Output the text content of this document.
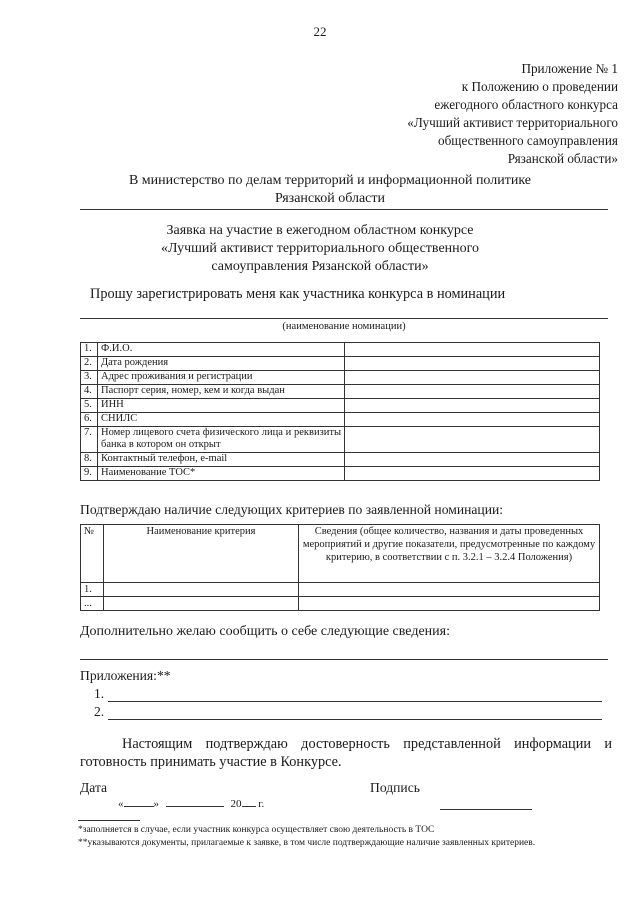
22
Приложение № 1
к Положению о проведении
ежегодного областного конкурса
«Лучший активист территориального
общественного самоуправления
Рязанской области»
В министерство по делам территорий и информационной политике
Рязанской области
Заявка на участие в ежегодном областном конкурсе
«Лучший активист территориального общественного
самоуправления Рязанской области»
Прошу зарегистрировать меня как участника конкурса в номинации
(наименование номинации)
1.	Ф.И.О.	
2.	Дата рождения	
3.	Адрес проживания и регистрации	
4.	Паспорт серия, номер, кем и когда выдан	
5.	ИНН	
6.	СНИЛС	
7.	Номер лицевого счета физического лица и реквизиты банка в котором он открыт	
8.	Контактный телефон, e-mail	
9.	Наименование ТОС*	
Подтверждаю наличие следующих критериев по заявленной номинации:
№	Наименование критерия	Сведения (общее количество, названия и даты проведенных мероприятий и другие показатели, предусмотренные по каждому критерию, в соответствии с п. 3.2.1 – 3.2.4 Положения)
1.		
...		
Дополнительно желаю сообщить о себе следующие сведения:
Приложения:**
1.
2.

Настоящим подтверждаю достоверность представленной информации и готовность принимать участие в Конкурсе.

Дата	Подпись
«	»	20 г.
*заполняется в случае, если участник конкурса осуществляет свою деятельность в ТОС
**указываются документы, прилагаемые к заявке, в том числе подтверждающие наличие заявленных критериев.
